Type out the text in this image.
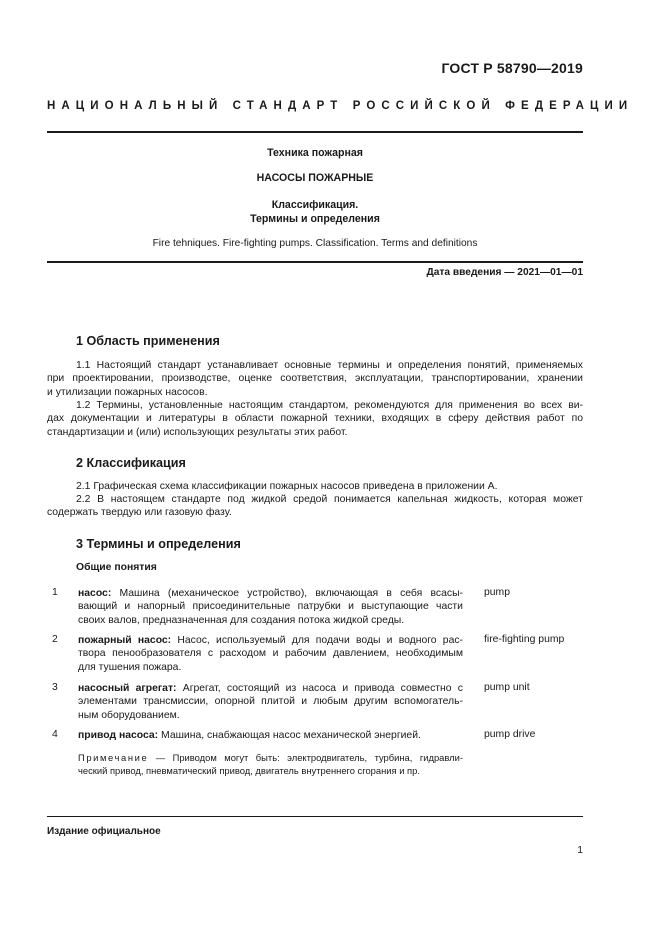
ГОСТ Р 58790—2019
НАЦИОНАЛЬНЫЙ СТАНДАРТ РОССИЙСКОЙ ФЕДЕРАЦИИ
Техника пожарная
НАСОСЫ ПОЖАРНЫЕ
Классификация.
Термины и определения
Fire tehniques. Fire-fighting pumps. Classification. Terms and definitions
Дата введения — 2021—01—01
1 Область применения
1.1 Настоящий стандарт устанавливает основные термины и определения понятий, применяемых
при проектировании, производстве, оценке соответствия, эксплуатации, транспортировании, хранении
и утилизации пожарных насосов.
1.2 Термины, установленные настоящим стандартом, рекомендуются для применения во всех ви-
дах документации и литературы в области пожарной техники, входящих в сферу действия работ по
стандартизации и (или) использующих результаты этих работ.
2 Классификация
2.1 Графическая схема классификации пожарных насосов приведена в приложении А.
2.2 В настоящем стандарте под жидкой средой понимается капельная жидкость, которая может
содержать твердую или газовую фазу.
3 Термины и определения
Общие понятия
1 насос: Машина (механическое устройство), включающая в себя всасы-
вающий и напорный присоединительные патрубки и выступающие части
своих валов, предназначенная для создания потока жидкой среды.
pump
2 пожарный насос: Насос, используемый для подачи воды и водного рас-
твора пенообразователя с расходом и рабочим давлением, необходимым
для тушения пожара.
fire-fighting pump
3 насосный агрегат: Агрегат, состоящий из насоса и привода совместно с
элементами трансмиссии, опорной плитой и любым другим вспомогатель-
ным оборудованием.
pump unit
4 привод насоса: Машина, снабжающая насос механической энергией.	pump drive
Примечание — Приводом могут быть: электродвигатель, турбина, гидравли-
ческий привод, пневматический привод, двигатель внутреннего сгорания и пр.
Издание официальное
1
